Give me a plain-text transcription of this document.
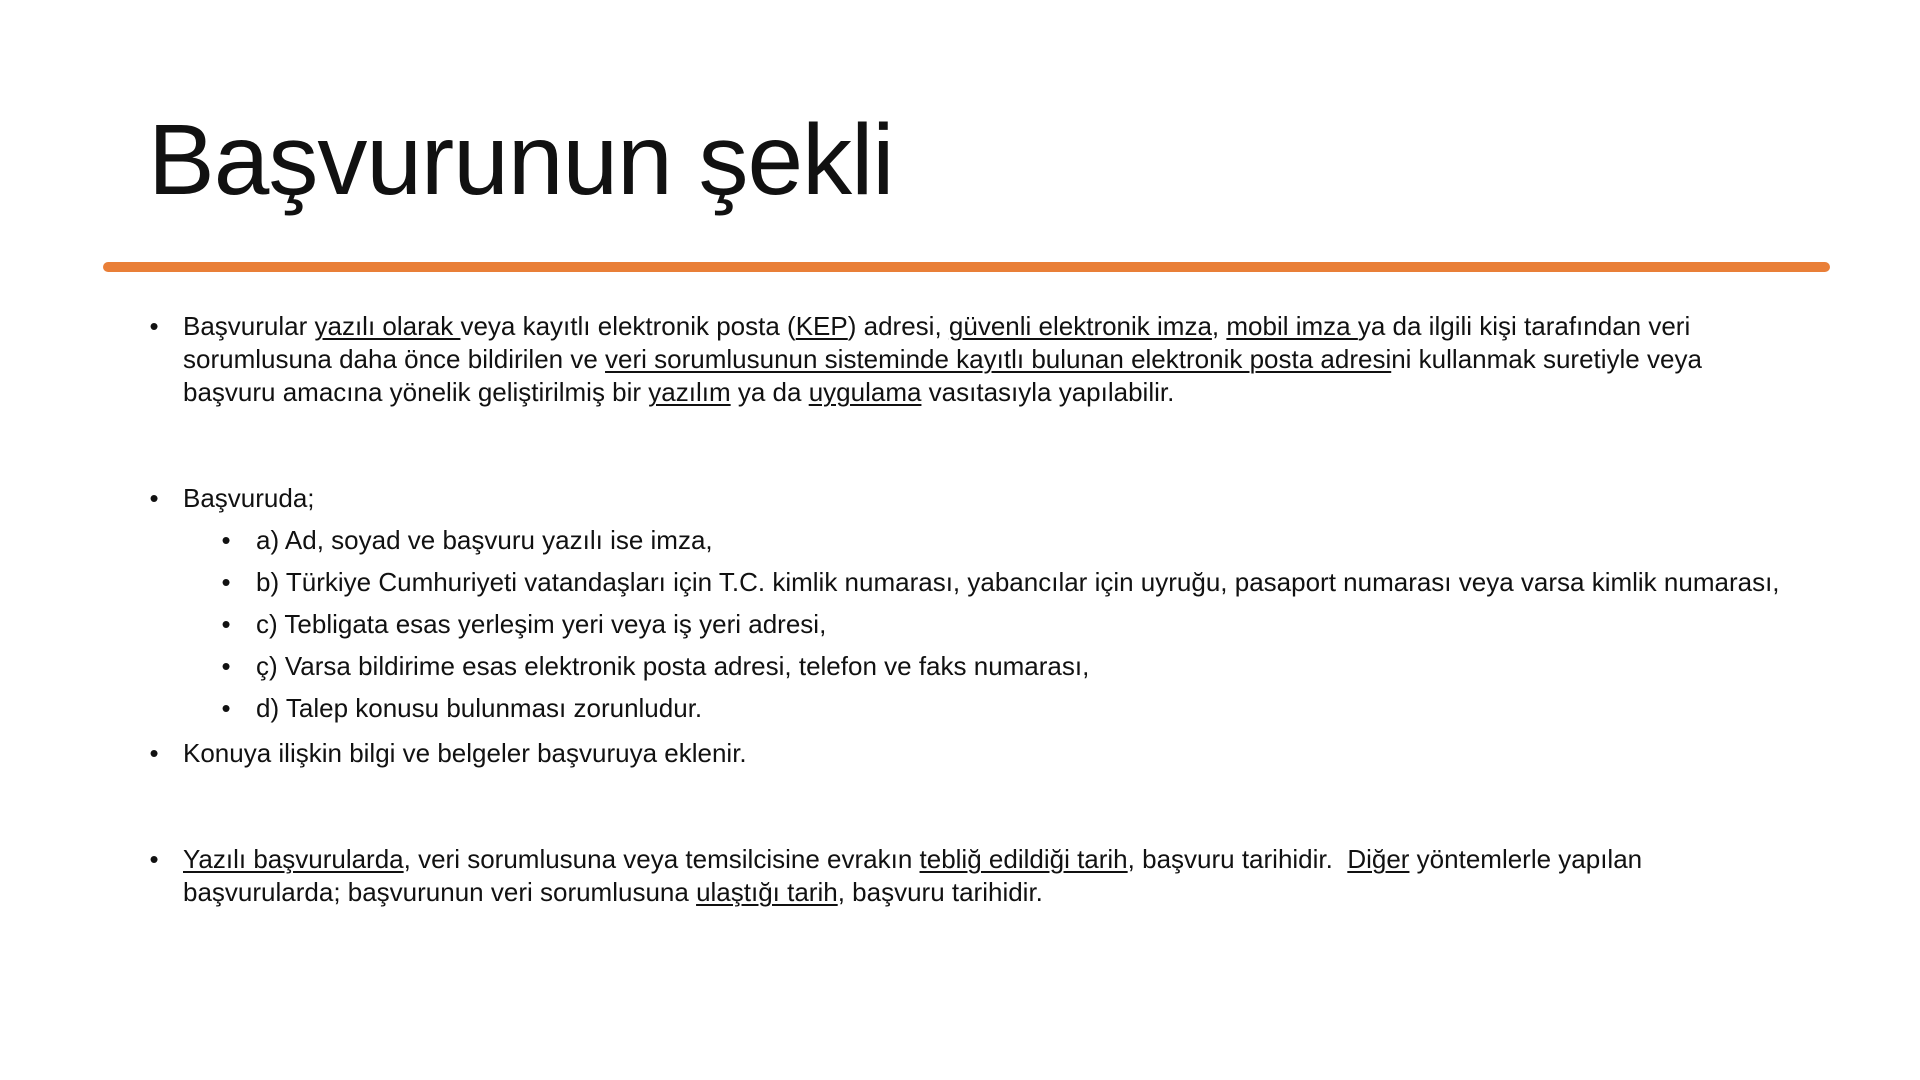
Başvurunun şekli
• Başvurular yazılı olarak veya kayıtlı elektronik posta (KEP) adresi, güvenli elektronik imza, mobil imza ya da ilgili kişi tarafından veri sorumlusuna daha önce bildirilen ve veri sorumlusunun sisteminde kayıtlı bulunan elektronik posta adresini kullanmak suretiyle veya başvuru amacına yönelik geliştirilmiş bir yazılım ya da uygulama vasıtasıyla yapılabilir.
• Başvuruda;
• a) Ad, soyad ve başvuru yazılı ise imza,
• b) Türkiye Cumhuriyeti vatandaşları için T.C. kimlik numarası, yabancılar için uyruğu, pasaport numarası veya varsa kimlik numarası,
• c) Tebligata esas yerleşim yeri veya iş yeri adresi,
• ç) Varsa bildirime esas elektronik posta adresi, telefon ve faks numarası,
• d) Talep konusu bulunması zorunludur.
• Konuya ilişkin bilgi ve belgeler başvuruya eklenir.
• Yazılı başvurularda, veri sorumlusuna veya temsilcisine evrakın tebliğ edildiği tarih, başvuru tarihidir.  Diğer yöntemlerle yapılan başvurularda; başvurunun veri sorumlusuna ulaştığı tarih, başvuru tarihidir.
